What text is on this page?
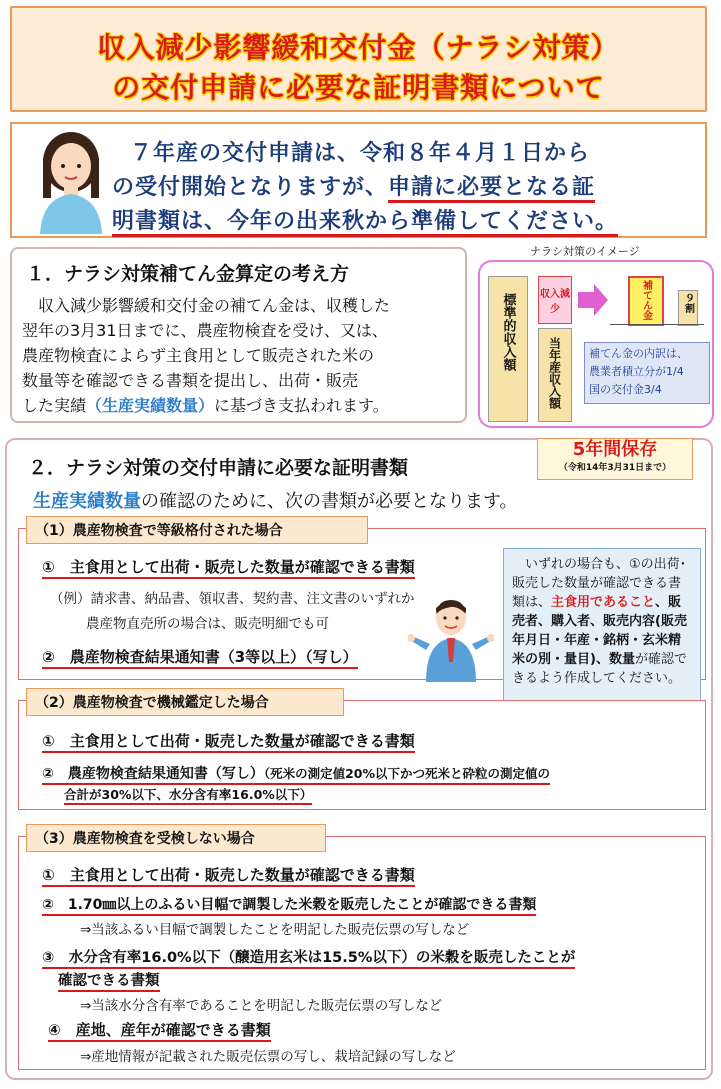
収入減少影響緩和交付金（ナラシ対策）
の交付申請に必要な証明書類について
７年産の交付申請は、令和８年４月１日から
の受付開始となりますが、申請に必要となる証
明書類は、今年の出来秋から準備してください。
１．ナラシ対策補てん金算定の考え方
　収入減少影響緩和交付金の補てん金は、収穫した
翌年の3月31日までに、農産物検査を受け、又は、
農産物検査によらず主食用として販売された米の
数量等を確認できる書類を提出し、出荷・販売
した実績（生産実績数量）に基づき支払われます。
ナラシ対策のイメージ
標準的収入額 収入減少
当年産収入額
補てん金	９割
補てん金の内訳は、
農業者積立分が1/4
国の交付金3/4
２．ナラシ対策の交付申請に必要な証明書類
5年間保存
（令和14年3月31日まで）
生産実績数量の確認のために、次の書類が必要となります。
（1）農産物検査で等級格付された場合
①　主食用として出荷・販売した数量が確認できる書類
（例）請求書、納品書、領収書、契約書、注文書のいずれか
農産物直売所の場合は、販売明細でも可
②　農産物検査結果通知書（3等以上）（写し）
　いずれの場合も、①の出荷･販売した数量が確認できる書類は、主食用であること、販売者、購入者、販売内容(販売年月日・年産・銘柄・玄米精米の別・量目)、数量が確認できるよう作成してください。
（2）農産物検査で機械鑑定した場合
①　主食用として出荷・販売した数量が確認できる書類
②　農産物検査結果通知書（写し）（死米の測定値20%以下かつ死米と砕粒の測定値の
合計が30%以下、水分含有率16.0%以下）
（3）農産物検査を受検しない場合
①　主食用として出荷・販売した数量が確認できる書類
②　1.70㎜以上のふるい目幅で調製した米穀を販売したことが確認できる書類
⇒当該ふるい目幅で調製したことを明記した販売伝票の写しなど
③　水分含有率16.0%以下（醸造用玄米は15.5%以下）の米穀を販売したことが
確認できる書類
⇒当該水分含有率であることを明記した販売伝票の写しなど
④　産地、産年が確認できる書類
⇒産地情報が記載された販売伝票の写し、栽培記録の写しなど
